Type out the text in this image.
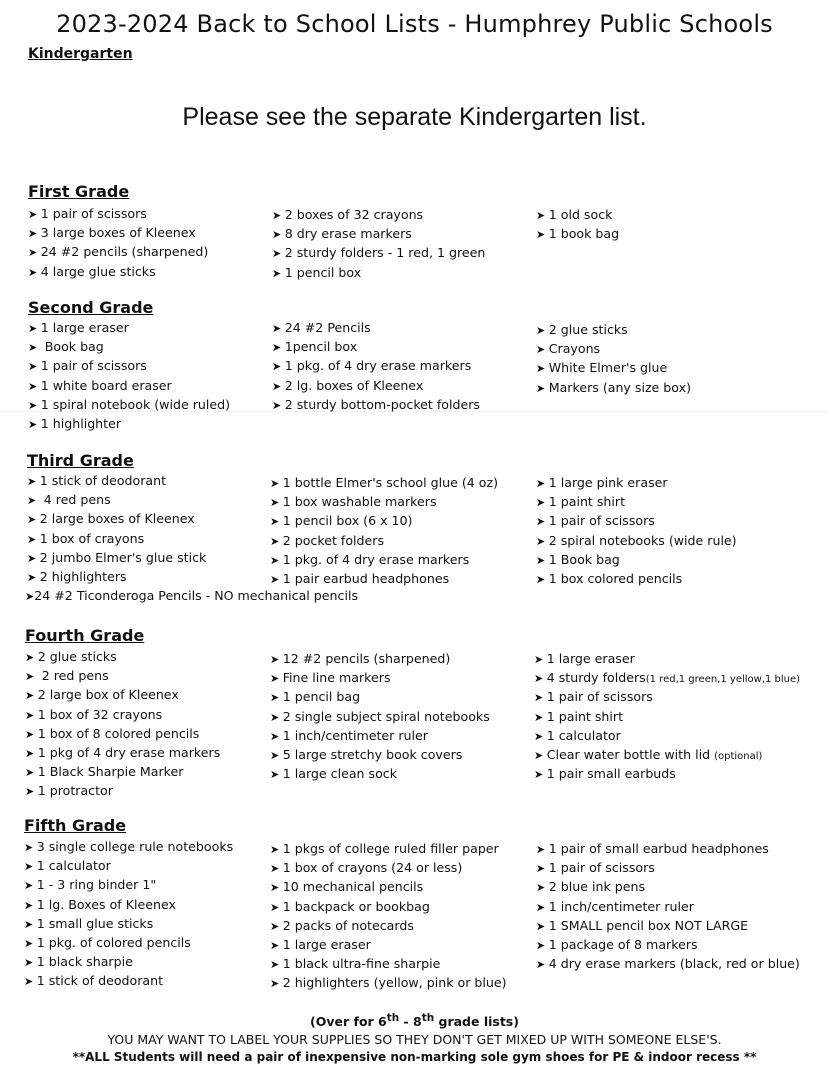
2023-2024 Back to School Lists - Humphrey Public Schools
Kindergarten
Please see the separate Kindergarten list.
First Grade
➤ 1 pair of scissors
➤ 3 large boxes of Kleenex
➤ 24 #2 pencils (sharpened)
➤ 4 large glue sticks
➤ 2 boxes of 32 crayons
➤ 8 dry erase markers
➤ 2 sturdy folders - 1 red, 1 green
➤ 1 pencil box
➤ 1 old sock
➤ 1 book bag
Second Grade
➤ 1 large eraser
➤  Book bag
➤ 1 pair of scissors
➤ 1 white board eraser
➤ 1 spiral notebook (wide ruled)
➤ 1 highlighter
➤ 24 #2 Pencils
➤ 1pencil box
➤ 1 pkg. of 4 dry erase markers
➤ 2 lg. boxes of Kleenex
➤ 2 sturdy bottom-pocket folders
➤ 2 glue sticks
➤ Crayons
➤ White Elmer's glue
➤ Markers (any size box)
Third Grade
➤ 1 stick of deodorant
➤  4 red pens
➤ 2 large boxes of Kleenex
➤ 1 box of crayons
➤ 2 jumbo Elmer's glue stick
➤ 2 highlighters
➤ 1 bottle Elmer's school glue (4 oz)
➤ 1 box washable markers
➤ 1 pencil box (6 x 10)
➤ 2 pocket folders
➤ 1 pkg. of 4 dry erase markers
➤ 1 pair earbud headphones
➤ 1 large pink eraser
➤ 1 paint shirt
➤ 1 pair of scissors
➤ 2 spiral notebooks (wide rule)
➤ 1 Book bag
➤ 1 box colored pencils
➤ 24 #2 Ticonderoga Pencils - NO mechanical pencils
Fourth Grade
➤ 2 glue sticks
➤  2 red pens
➤ 2 large box of Kleenex
➤ 1 box of 32 crayons
➤ 1 box of 8 colored pencils
➤ 1 pkg of 4 dry erase markers
➤ 1 Black Sharpie Marker
➤ 1 protractor
➤ 12 #2 pencils (sharpened)
➤ Fine line markers
➤ 1 pencil bag
➤ 2 single subject spiral notebooks
➤ 1 inch/centimeter ruler
➤ 5 large stretchy book covers
➤ 1 large clean sock
➤ 1 large eraser
➤ 4 sturdy folders(1 red,1 green,1 yellow,1 blue)
➤ 1 pair of scissors
➤ 1 paint shirt
➤ 1 calculator
➤ Clear water bottle with lid (optional)
➤ 1 pair small earbuds
Fifth Grade
➤ 3 single college rule notebooks
➤ 1 calculator
➤ 1 - 3 ring binder 1"
➤ 1 lg. Boxes of Kleenex
➤ 1 small glue sticks
➤ 1 pkg. of colored pencils
➤ 1 black sharpie
➤ 1 stick of deodorant
➤ 1 pkgs of college ruled filler paper
➤ 1 box of crayons (24 or less)
➤ 10 mechanical pencils
➤ 1 backpack or bookbag
➤ 2 packs of notecards
➤ 1 large eraser
➤ 1 black ultra-fine sharpie
➤ 2 highlighters (yellow, pink or blue)
➤ 1 pair of small earbud headphones
➤ 1 pair of scissors
➤ 2 blue ink pens
➤ 1 inch/centimeter ruler
➤ 1 SMALL pencil box NOT LARGE
➤ 1 package of 8 markers
➤ 4 dry erase markers (black, red or blue)
(Over for 6th - 8th grade lists)
YOU MAY WANT TO LABEL YOUR SUPPLIES SO THEY DON'T GET MIXED UP WITH SOMEONE ELSE'S.
**ALL Students will need a pair of inexpensive non-marking sole gym shoes for PE & indoor recess **
